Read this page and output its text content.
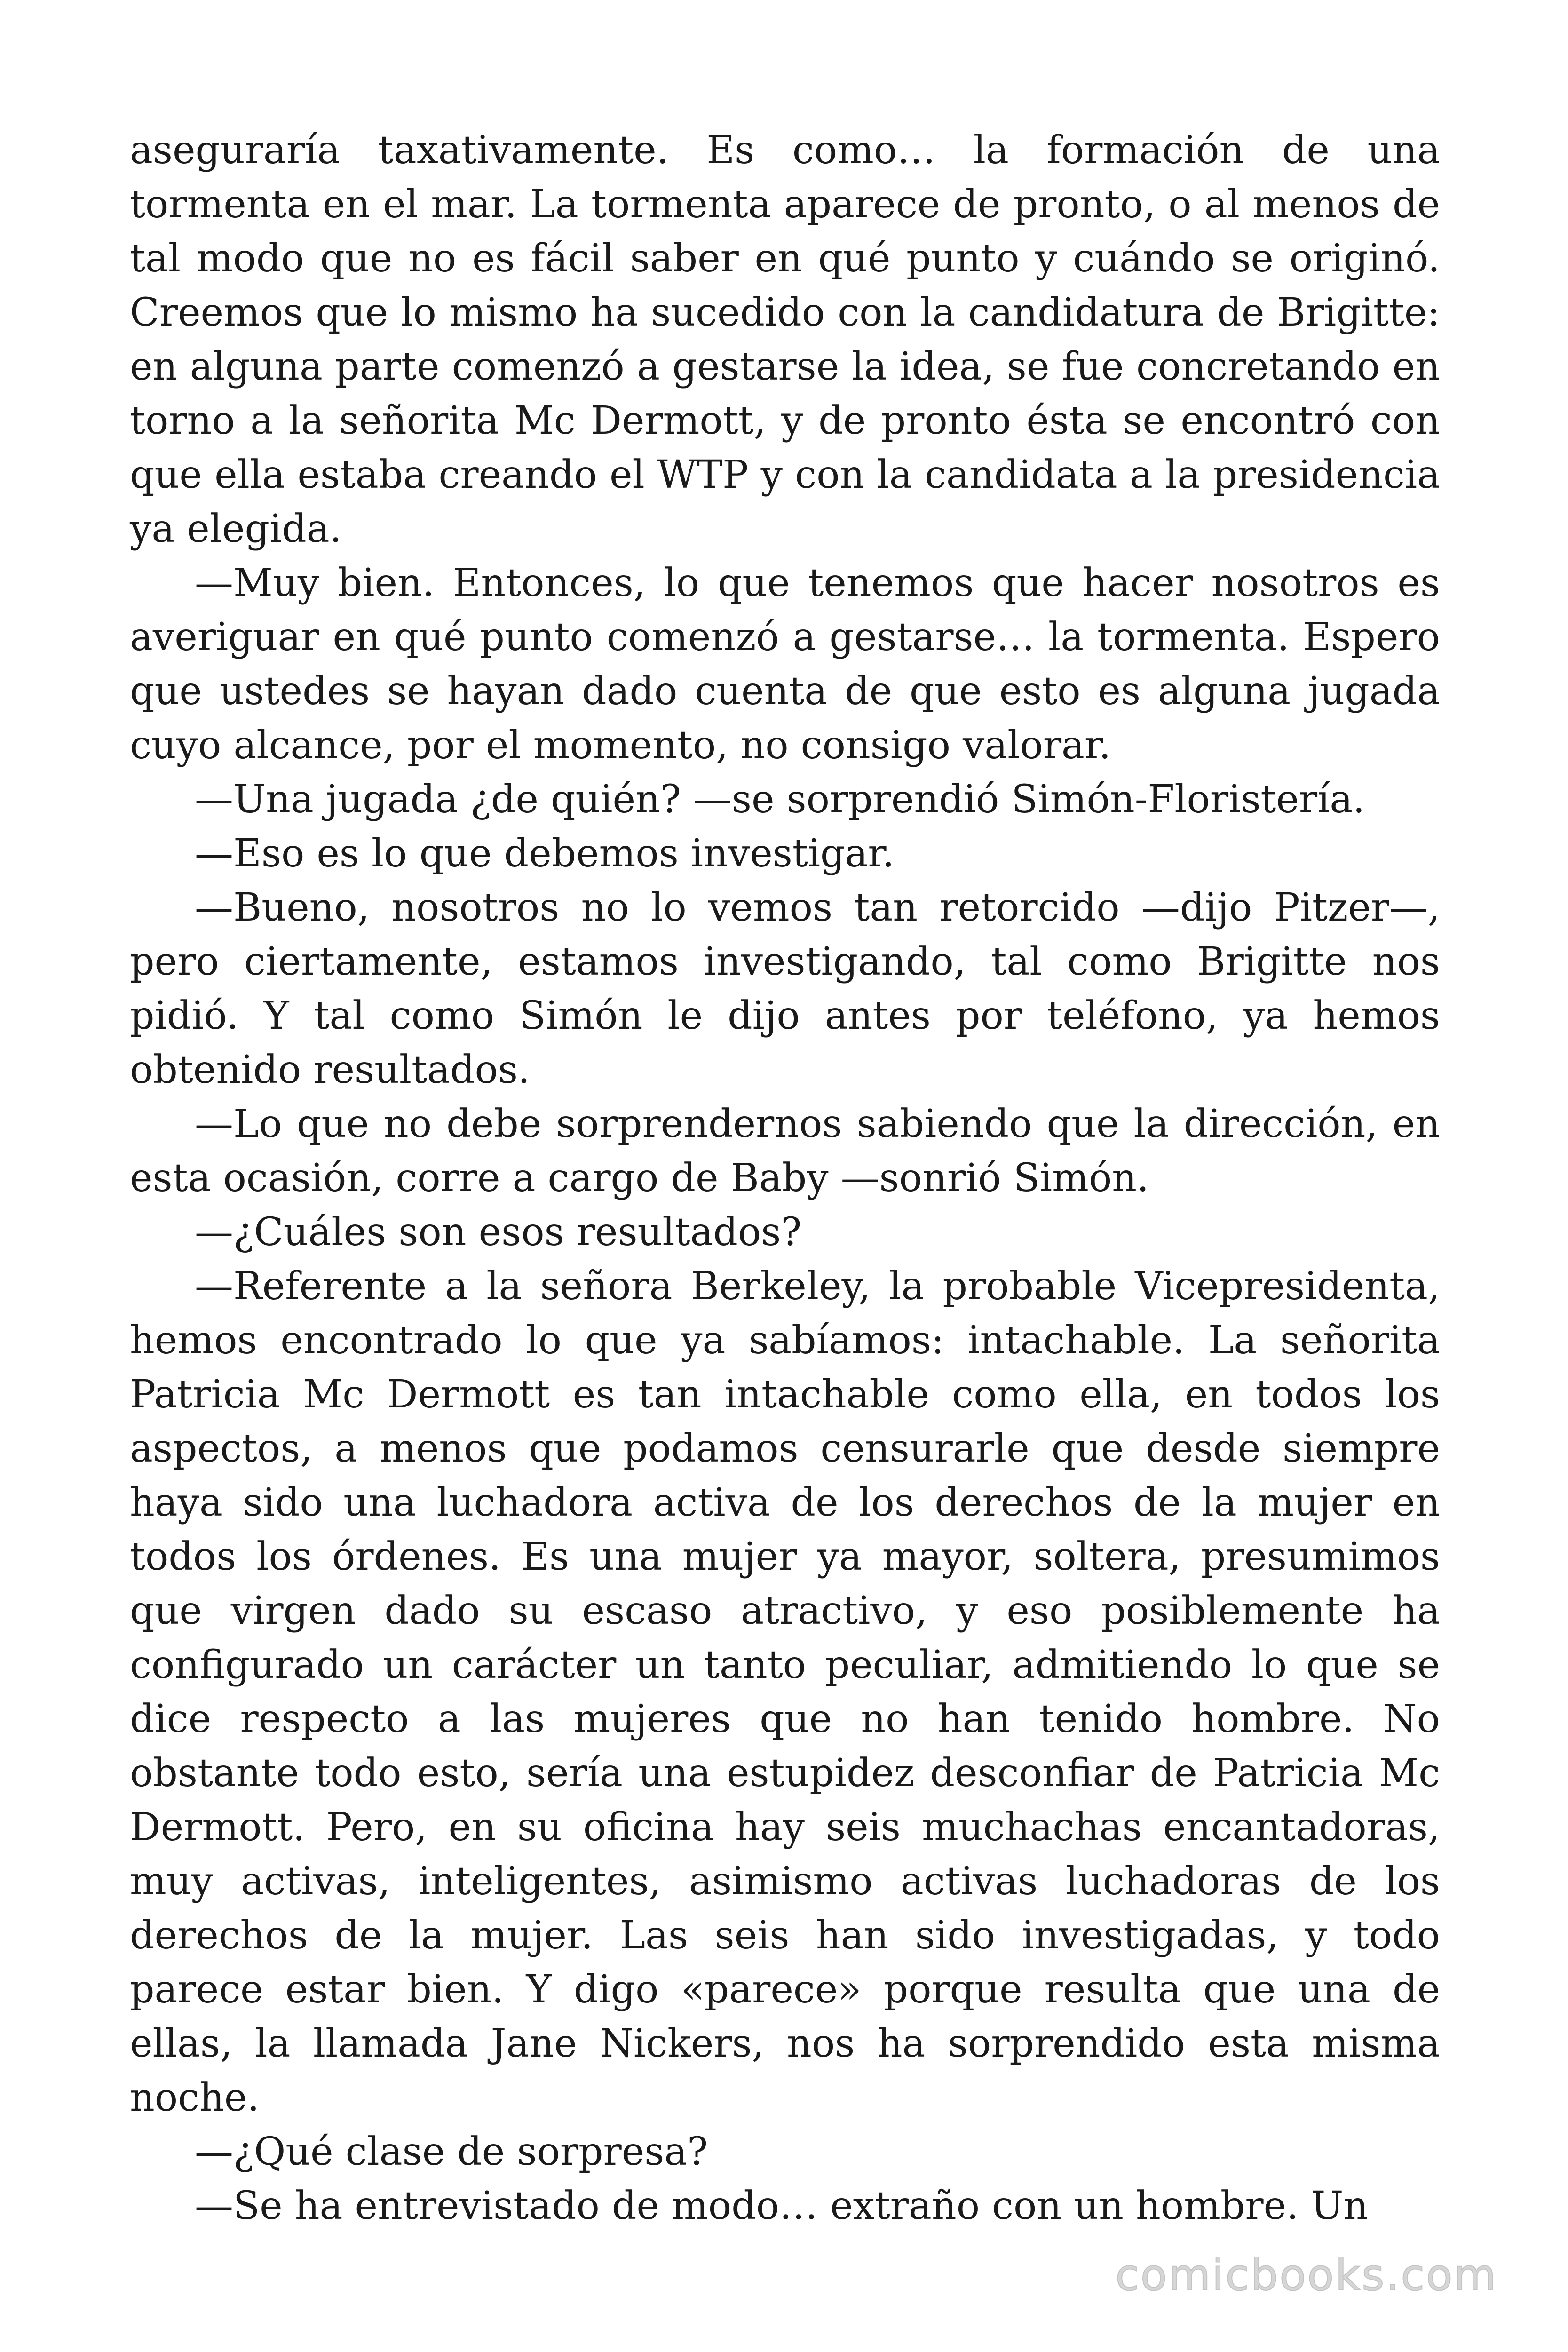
aseguraría taxativamente. Es como… la formación de una tormenta en el mar. La tormenta aparece de pronto, o al menos de tal modo que no es fácil saber en qué punto y cuándo se originó. Creemos que lo mismo ha sucedido con la candidatura de Brigitte: en alguna parte comenzó a gestarse la idea, se fue concretando en torno a la señorita Mc Dermott, y de pronto ésta se encontró con que ella estaba creando el WTP y con la candidata a la presidencia ya elegida.

—Muy bien. Entonces, lo que tenemos que hacer nosotros es averiguar en qué punto comenzó a gestarse… la tormenta. Espero que ustedes se hayan dado cuenta de que esto es alguna jugada cuyo alcance, por el momento, no consigo valorar.

—Una jugada ¿de quién? —se sorprendió Simón-Floristería.

—Eso es lo que debemos investigar.

—Bueno, nosotros no lo vemos tan retorcido —dijo Pitzer—, pero ciertamente, estamos investigando, tal como Brigitte nos pidió. Y tal como Simón le dijo antes por teléfono, ya hemos obtenido resultados.

—Lo que no debe sorprendernos sabiendo que la dirección, en esta ocasión, corre a cargo de Baby —sonrió Simón.

—¿Cuáles son esos resultados?

—Referente a la señora Berkeley, la probable Vicepresidenta, hemos encontrado lo que ya sabíamos: intachable. La señorita Patricia Mc Dermott es tan intachable como ella, en todos los aspectos, a menos que podamos censurarle que desde siempre haya sido una luchadora activa de los derechos de la mujer en todos los órdenes. Es una mujer ya mayor, soltera, presumimos que virgen dado su escaso atractivo, y eso posiblemente ha configurado un carácter un tanto peculiar, admitiendo lo que se dice respecto a las mujeres que no han tenido hombre. No obstante todo esto, sería una estupidez desconfiar de Patricia Mc Dermott. Pero, en su oficina hay seis muchachas encantadoras, muy activas, inteligentes, asimismo activas luchadoras de los derechos de la mujer. Las seis han sido investigadas, y todo parece estar bien. Y digo «parece» porque resulta que una de ellas, la llamada Jane Nickers, nos ha sorprendido esta misma noche.

—¿Qué clase de sorpresa?

—Se ha entrevistado de modo… extraño con un hombre. Un

comicbooks.com
